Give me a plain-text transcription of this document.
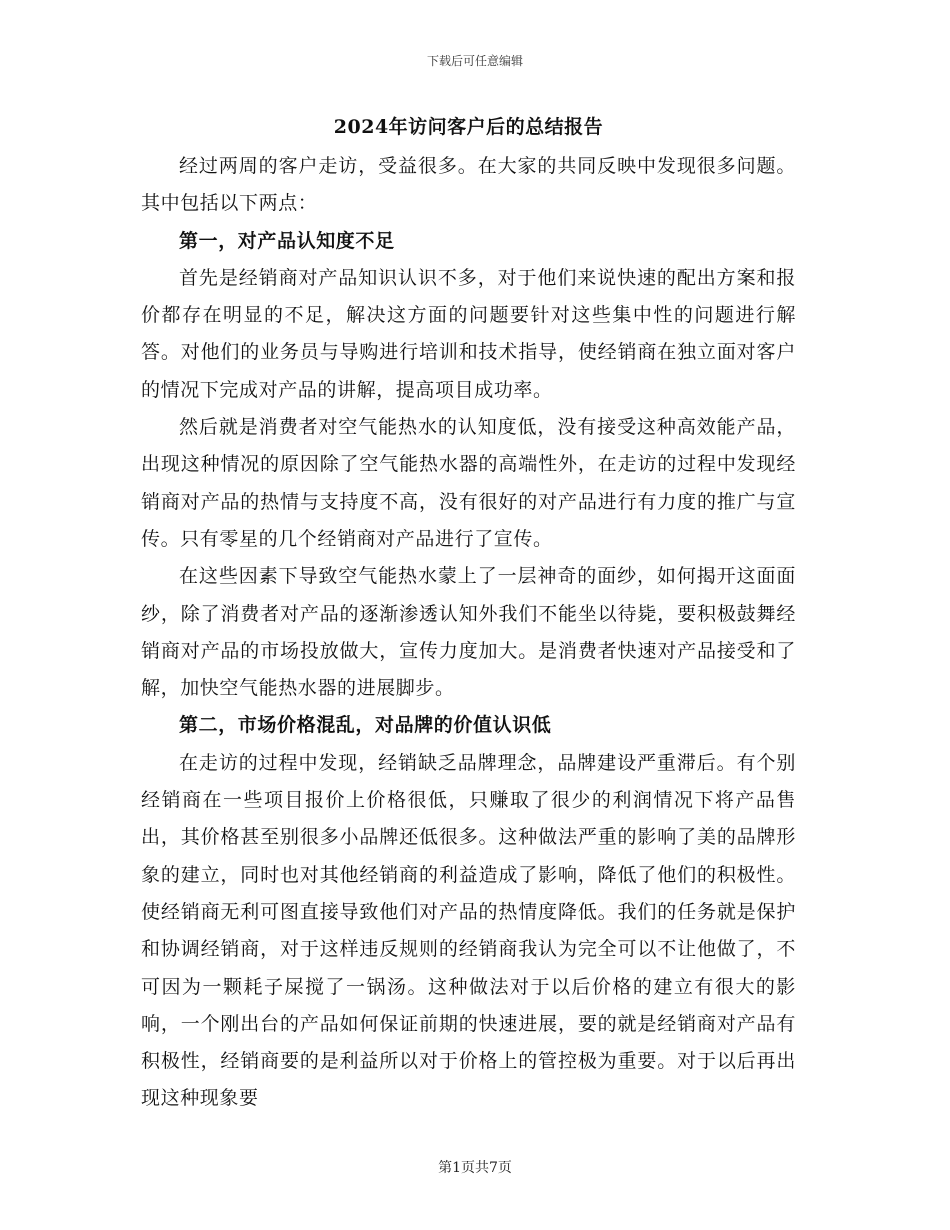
下载后可任意编辑
2024年访问客户后的总结报告

经过两周的客户走访，受益很多。在大家的共同反映中发现很多问题。其中包括以下两点：

第一，对产品认知度不足

首先是经销商对产品知识认识不多，对于他们来说快速的配出方案和报价都存在明显的不足，解决这方面的问题要针对这些集中性的问题进行解答。对他们的业务员与导购进行培训和技术指导，使经销商在独立面对客户的情况下完成对产品的讲解，提高项目成功率。

然后就是消费者对空气能热水的认知度低，没有接受这种高效能产品，出现这种情况的原因除了空气能热水器的高端性外，在走访的过程中发现经销商对产品的热情与支持度不高，没有很好的对产品进行有力度的推广与宣传。只有零星的几个经销商对产品进行了宣传。

在这些因素下导致空气能热水蒙上了一层神奇的面纱，如何揭开这面面纱，除了消费者对产品的逐渐渗透认知外我们不能坐以待毙，要积极鼓舞经销商对产品的市场投放做大，宣传力度加大。是消费者快速对产品接受和了解，加快空气能热水器的进展脚步。

第二，市场价格混乱，对品牌的价值认识低

在走访的过程中发现，经销缺乏品牌理念，品牌建设严重滞后。有个别经销商在一些项目报价上价格很低，只赚取了很少的利润情况下将产品售出，其价格甚至别很多小品牌还低很多。这种做法严重的影响了美的品牌形象的建立，同时也对其他经销商的利益造成了影响，降低了他们的积极性。使经销商无利可图直接导致他们对产品的热情度降低。我们的任务就是保护和协调经销商，对于这样违反规则的经销商我认为完全可以不让他做了，不可因为一颗耗子屎搅了一锅汤。这种做法对于以后价格的建立有很大的影响，一个刚出台的产品如何保证前期的快速进展，要的就是经销商对产品有积极性，经销商要的是利益所以对于价格上的管控极为重要。对于以后再出现这种现象要

第1页共7页
